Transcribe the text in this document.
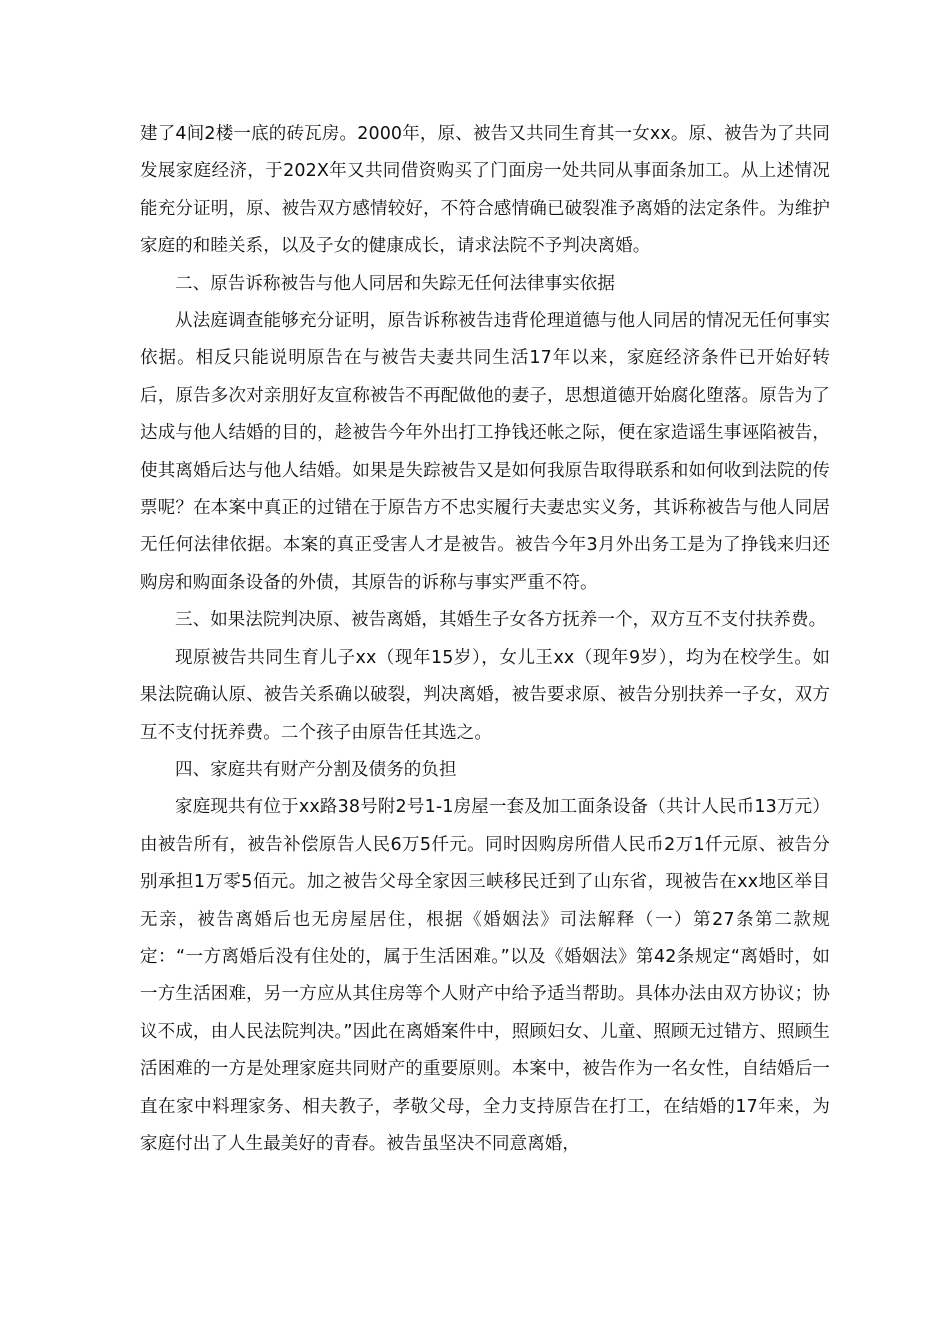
建了4间2楼一底的砖瓦房。2000年，原、被告又共同生育其一女xx。原、被告为了共同发展家庭经济，于202X年又共同借资购买了门面房一处共同从事面条加工。从上述情况能充分证明，原、被告双方感情较好，不符合感情确已破裂准予离婚的法定条件。为维护家庭的和睦关系，以及子女的健康成长，请求法院不予判决离婚。

二、原告诉称被告与他人同居和失踪无任何法律事实依据

从法庭调查能够充分证明，原告诉称被告违背伦理道德与他人同居的情况无任何事实依据。相反只能说明原告在与被告夫妻共同生活17年以来，家庭经济条件已开始好转后，原告多次对亲朋好友宣称被告不再配做他的妻子，思想道德开始腐化堕落。原告为了达成与他人结婚的目的，趁被告今年外出打工挣钱还帐之际，便在家造谣生事诬陷被告，使其离婚后达与他人结婚。如果是失踪被告又是如何我原告取得联系和如何收到法院的传票呢？在本案中真正的过错在于原告方不忠实履行夫妻忠实义务，其诉称被告与他人同居无任何法律依据。本案的真正受害人才是被告。被告今年3月外出务工是为了挣钱来归还购房和购面条设备的外债，其原告的诉称与事实严重不符。

三、如果法院判决原、被告离婚，其婚生子女各方抚养一个，双方互不支付扶养费。

现原被告共同生育儿子xx（现年15岁），女儿王xx（现年9岁），均为在校学生。如果法院确认原、被告关系确以破裂，判决离婚，被告要求原、被告分别扶养一子女，双方互不支付抚养费。二个孩子由原告任其选之。

四、家庭共有财产分割及债务的负担

家庭现共有位于xx路38号附2号1-1房屋一套及加工面条设备（共计人民币13万元）由被告所有，被告补偿原告人民6万5仟元。同时因购房所借人民币2万1仟元原、被告分别承担1万零5佰元。加之被告父母全家因三峡移民迁到了山东省，现被告在xx地区举目无亲，被告离婚后也无房屋居住，根据《婚姻法》司法解释（一）第27条第二款规定：“一方离婚后没有住处的，属于生活困难。”以及《婚姻法》第42条规定“离婚时，如一方生活困难，另一方应从其住房等个人财产中给予适当帮助。具体办法由双方协议；协议不成，由人民法院判决。”因此在离婚案件中，照顾妇女、儿童、照顾无过错方、照顾生活困难的一方是处理家庭共同财产的重要原则。本案中，被告作为一名女性，自结婚后一直在家中料理家务、相夫教子，孝敬父母，全力支持原告在打工，在结婚的17年来，为家庭付出了人生最美好的青春。被告虽坚决不同意离婚，
